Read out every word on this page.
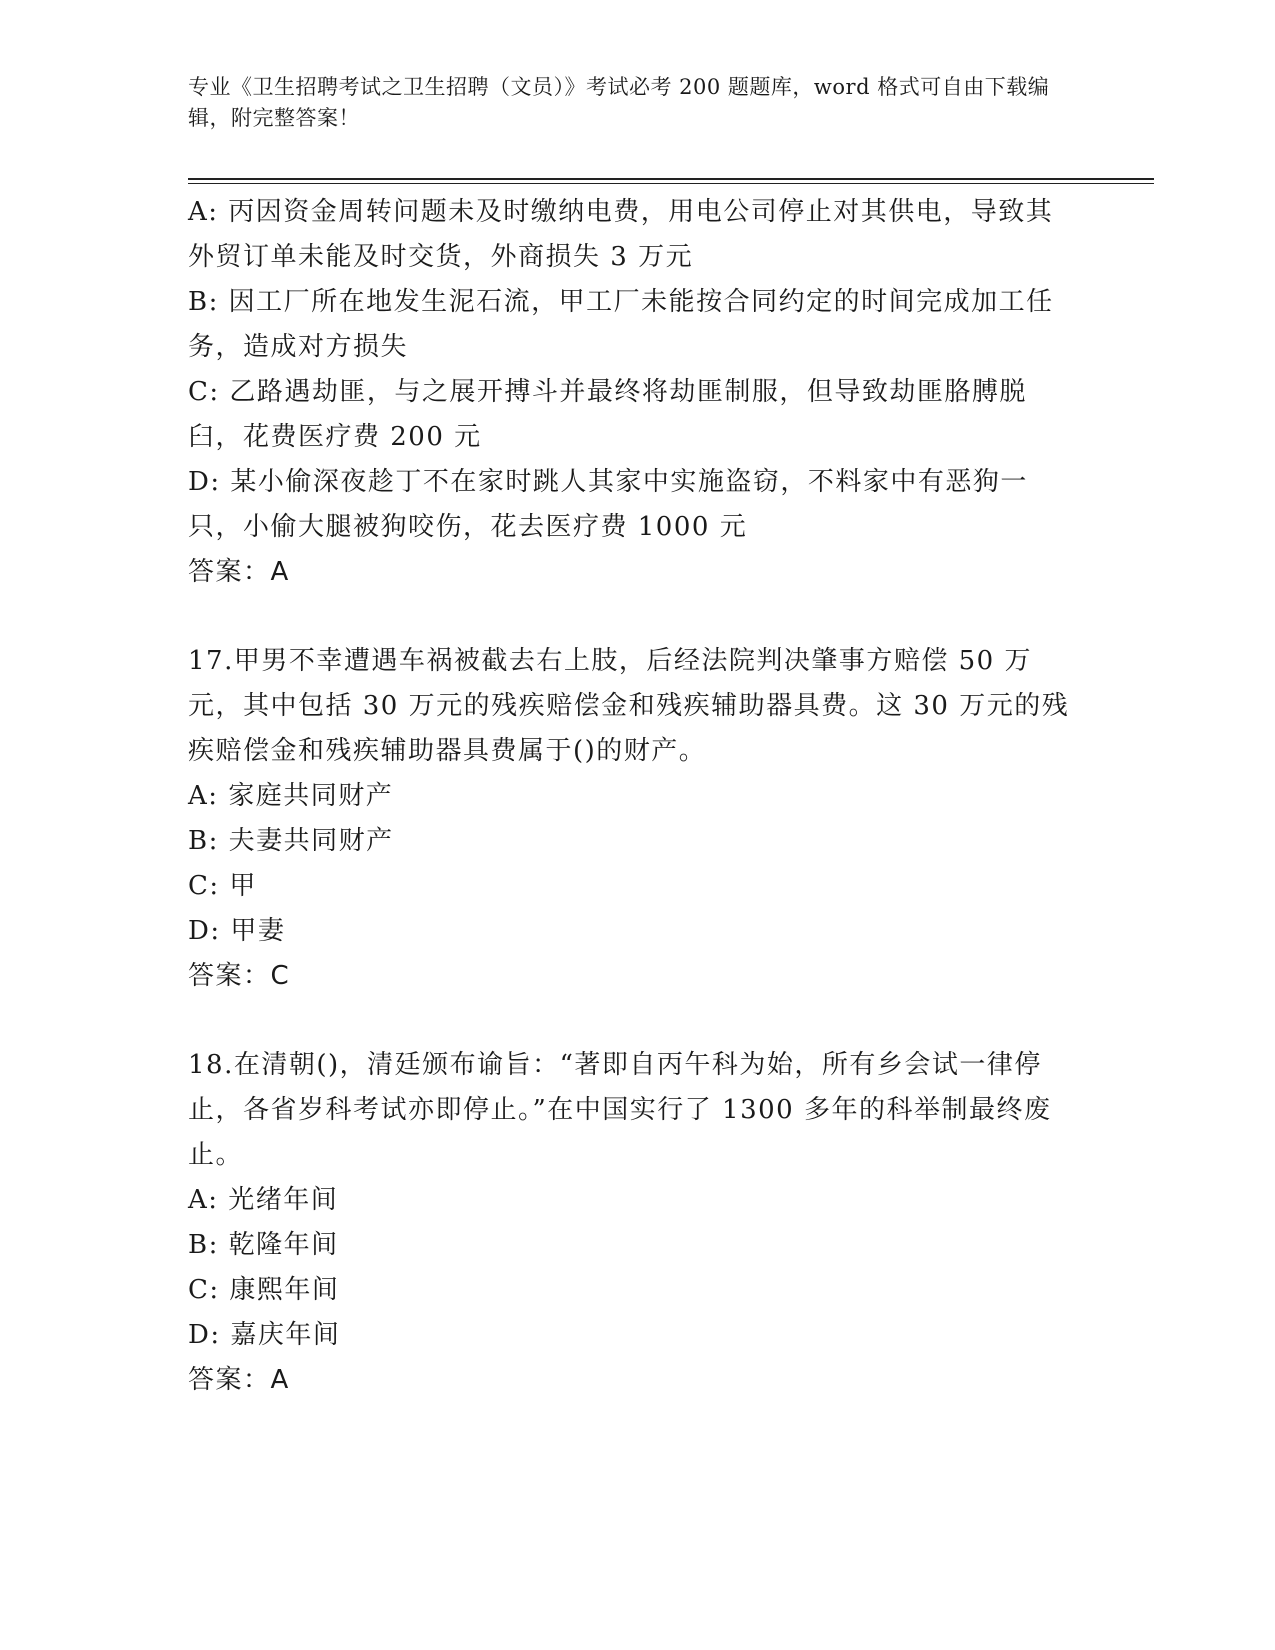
专业《卫生招聘考试之卫生招聘（文员）》考试必考 200 题题库，word 格式可自由下载编辑，附完整答案！

A: 丙因资金周转问题未及时缴纳电费，用电公司停止对其供电，导致其外贸订单未能及时交货，外商损失 3 万元

B: 因工厂所在地发生泥石流，甲工厂未能按合同约定的时间完成加工任务，造成对方损失

C: 乙路遇劫匪，与之展开搏斗并最终将劫匪制服，但导致劫匪胳膊脱臼，花费医疗费 200 元

D: 某小偷深夜趁丁不在家时跳人其家中实施盗窃，不料家中有恶狗一只，小偷大腿被狗咬伤，花去医疗费 1000 元

答案：A

17.甲男不幸遭遇车祸被截去右上肢，后经法院判决肇事方赔偿 50 万元，其中包括 30 万元的残疾赔偿金和残疾辅助器具费。这 30 万元的残疾赔偿金和残疾辅助器具费属于()的财产。

A: 家庭共同财产

B: 夫妻共同财产

C: 甲

D: 甲妻

答案：C

18.在清朝()，清廷颁布谕旨：“著即自丙午科为始，所有乡会试一律停止，各省岁科考试亦即停止。”在中国实行了 1300 多年的科举制最终废止。

A: 光绪年间

B: 乾隆年间

C: 康熙年间

D: 嘉庆年间

答案：A
